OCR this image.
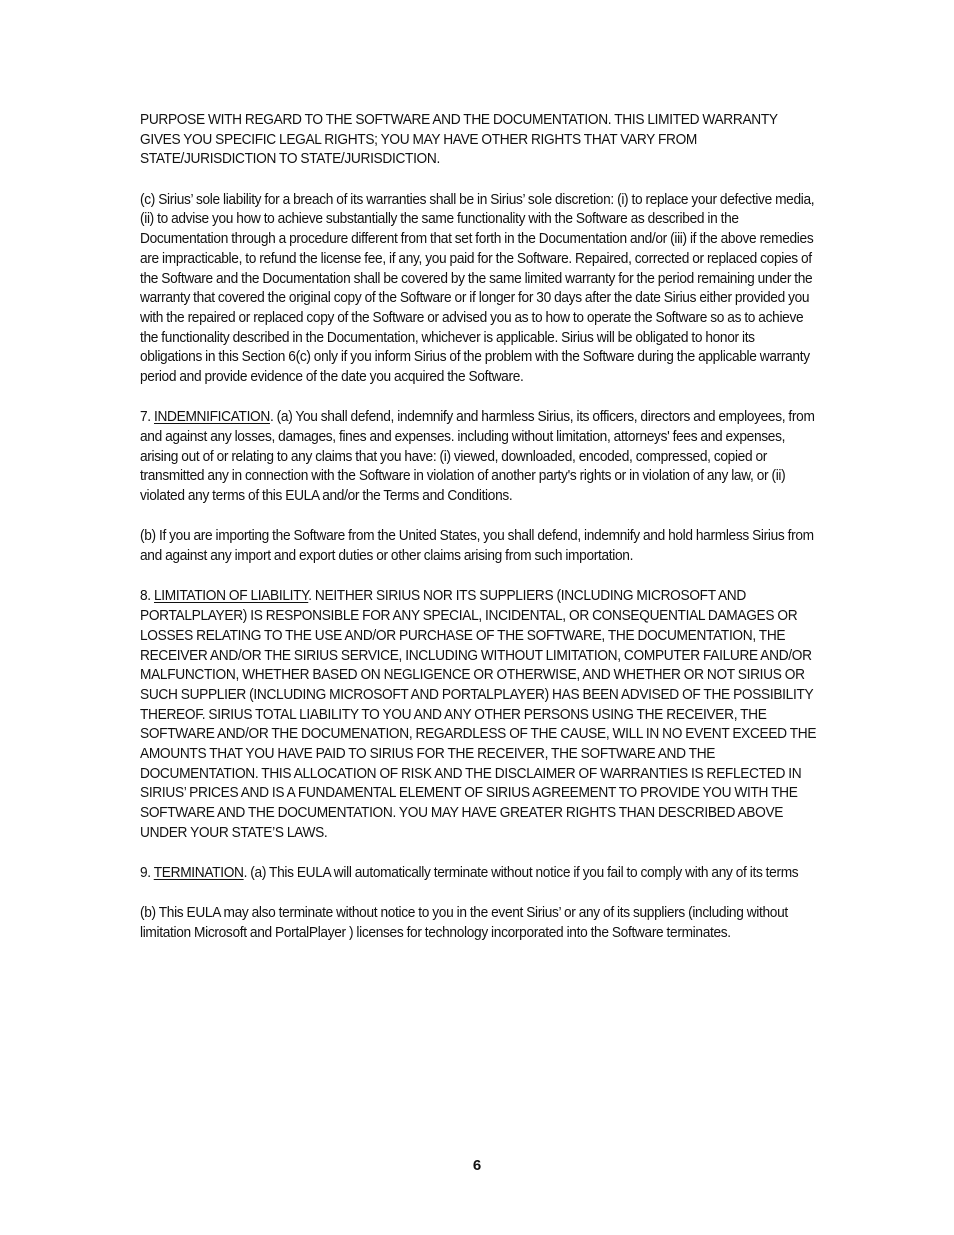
PURPOSE WITH REGARD TO THE SOFTWARE AND THE DOCUMENTATION. THIS LIMITED WARRANTY GIVES YOU SPECIFIC LEGAL RIGHTS; YOU MAY HAVE OTHER RIGHTS THAT VARY FROM STATE/JURISDICTION TO STATE/JURISDICTION.

(c) Sirius’ sole liability for a breach of its warranties shall be in Sirius’ sole discretion: (i) to replace your defective media, (ii) to advise you how to achieve substantially the same functionality with the Software as described in the Documentation through a procedure different from that set forth in the Documentation and/or (iii) if the above remedies are impracticable, to refund the license fee, if any, you paid for the Software. Repaired, corrected or replaced copies of the Software and the Documentation shall be covered by the same limited warranty for the period remaining under the warranty that covered the original copy of the Software or if longer for 30 days after the date Sirius either provided you with the repaired or replaced copy of the Software or advised you as to how to operate the Software so as to achieve the functionality described in the Documentation, whichever is applicable. Sirius will be obligated to honor its obligations in this Section 6(c) only if you inform Sirius of the problem with the Software during the applicable warranty period and provide evidence of the date you acquired the Software.

7. INDEMNIFICATION. (a) You shall defend, indemnify and harmless Sirius, its officers, directors and employees, from and against any losses, damages, fines and expenses. including without limitation, attorneys' fees and expenses, arising out of or relating to any claims that you have: (i) viewed, downloaded, encoded, compressed, copied or transmitted any in connection with the Software in violation of another party's rights or in violation of any law, or (ii) violated any terms of this EULA and/or the Terms and Conditions.

(b) If you are importing the Software from the United States, you shall defend, indemnify and hold harmless Sirius from and against any import and export duties or other claims arising from such importation.

8. LIMITATION OF LIABILITY. NEITHER SIRIUS NOR ITS SUPPLIERS (INCLUDING MICROSOFT AND PORTALPLAYER) IS RESPONSIBLE FOR ANY SPECIAL, INCIDENTAL, OR CONSEQUENTIAL DAMAGES OR LOSSES RELATING TO THE USE AND/OR PURCHASE OF THE SOFTWARE, THE DOCUMENTATION, THE RECEIVER AND/OR THE SIRIUS SERVICE, INCLUDING WITHOUT LIMITATION, COMPUTER FAILURE AND/OR MALFUNCTION, WHETHER BASED ON NEGLIGENCE OR OTHERWISE, AND WHETHER OR NOT SIRIUS OR SUCH SUPPLIER (INCLUDING MICROSOFT AND PORTALPLAYER) HAS BEEN ADVISED OF THE POSSIBILITY THEREOF. SIRIUS TOTAL LIABILITY TO YOU AND ANY OTHER PERSONS USING THE RECEIVER, THE SOFTWARE AND/OR THE DOCUMENATION, REGARDLESS OF THE CAUSE, WILL IN NO EVENT EXCEED THE AMOUNTS THAT YOU HAVE PAID TO SIRIUS FOR THE RECEIVER, THE SOFTWARE AND THE DOCUMENTATION. THIS ALLOCATION OF RISK AND THE DISCLAIMER OF WARRANTIES IS REFLECTED IN SIRIUS’ PRICES AND IS A FUNDAMENTAL ELEMENT OF SIRIUS AGREEMENT TO PROVIDE YOU WITH THE SOFTWARE AND THE DOCUMENTATION. YOU MAY HAVE GREATER RIGHTS THAN DESCRIBED ABOVE UNDER YOUR STATE’S LAWS.

9. TERMINATION. (a) This EULA will automatically terminate without notice if you fail to comply with any of its terms

(b) This EULA may also terminate without notice to you in the event Sirius’ or any of its suppliers (including without limitation Microsoft and PortalPlayer ) licenses for technology incorporated into the Software terminates.

6
